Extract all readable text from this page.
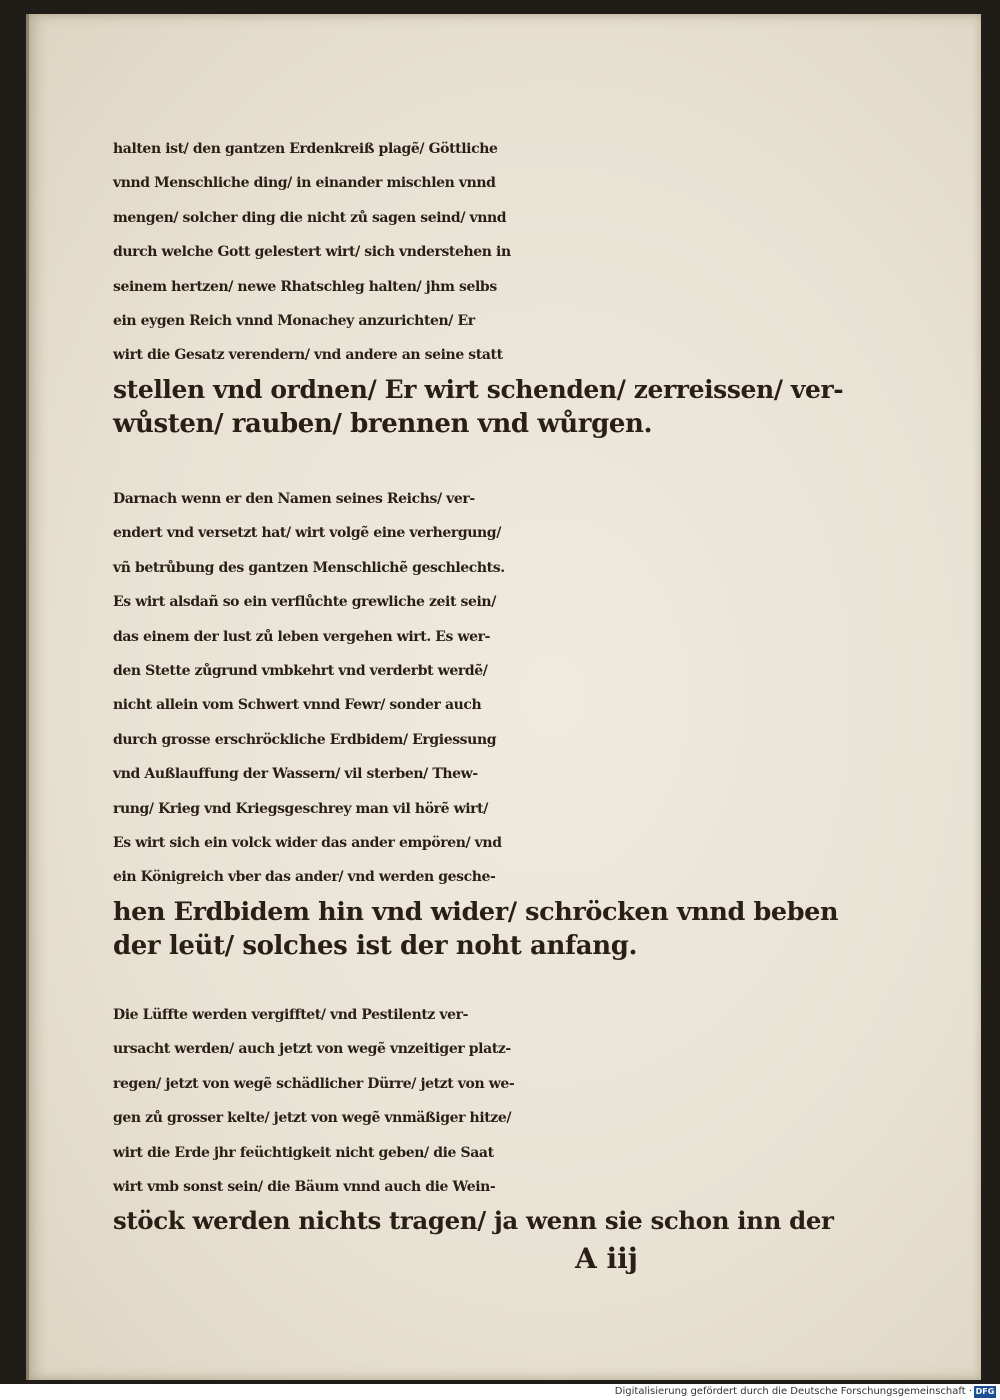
halten ist/ den gantzen Erdenkreiß plagẽ/ Göttliche
vnnd Menschliche ding/ in einander mischlen vnnd
mengen/ solcher ding die nicht zů sagen seind/ vnnd
durch welche Gott gelestert wirt/ sich vnderstehen in
seinem hertzen/ newe Rhatschleg halten/ jhm selbs
ein eygen Reich vnnd Monachey anzurichten/ Er
wirt die Gesatz verendern/ vnd andere an seine statt
stellen vnd ordnen/ Er wirt schenden/ zerreissen/ ver-
wůsten/ rauben/ brennen vnd wůrgen.
Darnach wenn er den Namen seines Reichs/ ver-
endert vnd versetzt hat/ wirt volgẽ eine verhergung/
vñ betrůbung des gantzen Menschlichẽ geschlechts.
Es wirt alsdañ so ein verflůchte grewliche zeit sein/
das einem der lust zů leben vergehen wirt. Es wer-
den Stette zůgrund vmbkehrt vnd verderbt werdẽ/
nicht allein vom Schwert vnnd Fewr/ sonder auch
durch grosse erschröckliche Erdbidem/ Ergiessung
vnd Außlauffung der Wassern/ vil sterben/ Thew-
rung/ Krieg vnd Kriegsgeschrey man vil hörẽ wirt/
Es wirt sich ein volck wider das ander empören/ vnd
ein Königreich vber das ander/ vnd werden gesche-
hen Erdbidem hin vnd wider/ schröcken vnnd beben
der leüt/ solches ist der noht anfang.
Die Lüffte werden vergifftet/ vnd Pestilentz ver-
ursacht werden/ auch jetzt von wegẽ vnzeitiger platz-
regen/ jetzt von wegẽ schädlicher Dürre/ jetzt von we-
gen zů grosser kelte/ jetzt von wegẽ vnmäßiger hitze/
wirt die Erde jhr feüchtigkeit nicht geben/ die Saat
wirt vmb sonst sein/ die Bäum vnnd auch die Wein-
stöck werden nichts tragen/ ja wenn sie schon inn der
A iij
Digitalisierung gefördert durch die Deutsche Forschungsgemeinschaft · DFG
